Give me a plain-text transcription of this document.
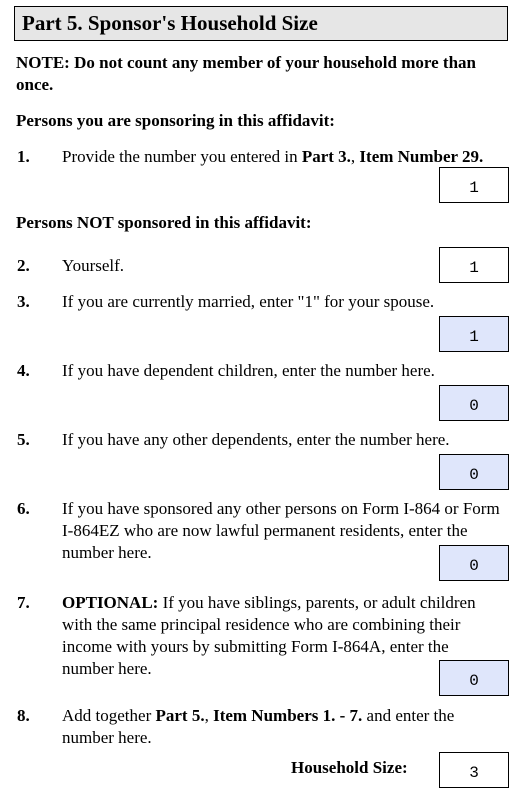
Part 5. Sponsor's Household Size
NOTE: Do not count any member of your household more than once.
Persons you are sponsoring in this affidavit:
1. Provide the number you entered in Part 3., Item Number 29.
1
Persons NOT sponsored in this affidavit:
2. Yourself.	1
3. If you are currently married, enter "1" for your spouse.
1
4. If you have dependent children, enter the number here.
0
5. If you have any other dependents, enter the number here.
0
6. If you have sponsored any other persons on Form I-864 or Form I-864EZ who are now lawful permanent residents, enter the number here.
0
7. OPTIONAL: If you have siblings, parents, or adult children with the same principal residence who are combining their income with yours by submitting Form I-864A, enter the number here.
0
8. Add together Part 5., Item Numbers 1. - 7. and enter the number here.
Household Size:	3
